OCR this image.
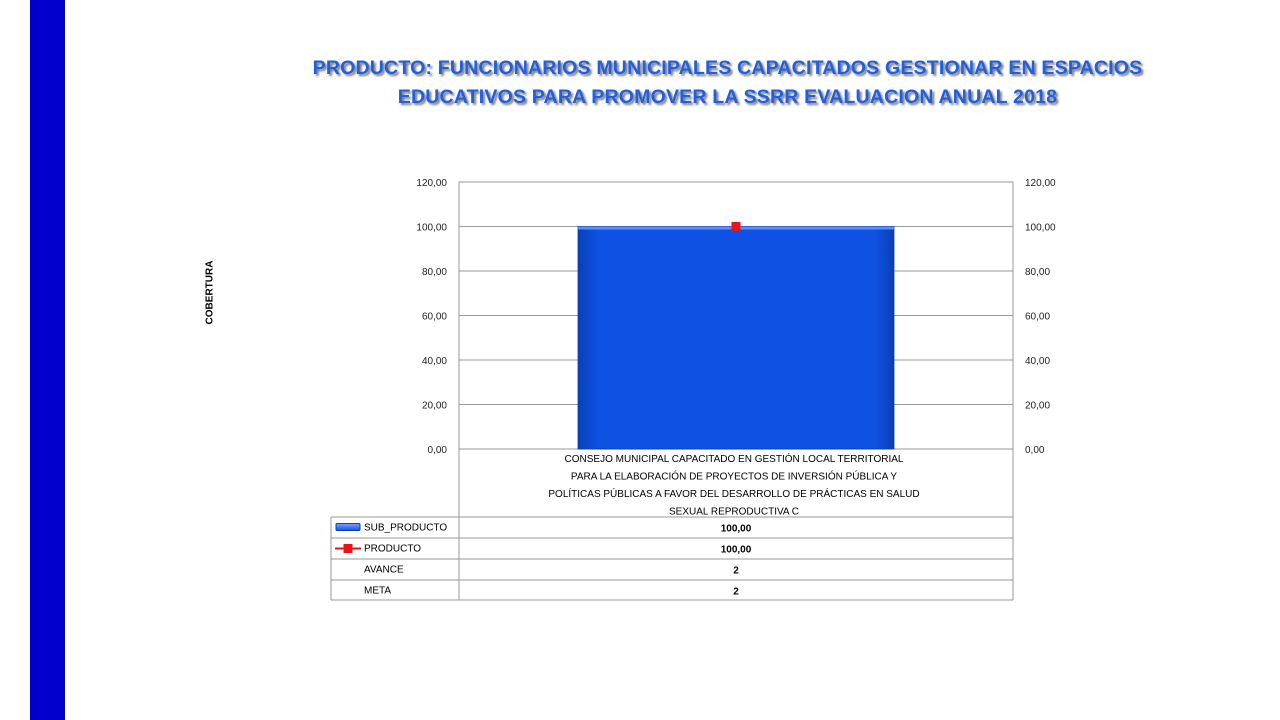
PRODUCTO: FUNCIONARIOS MUNICIPALES CAPACITADOS GESTIONAR EN ESPACIOS EDUCATIVOS PARA PROMOVER LA SSRR EVALUACION ANUAL 2018
COBERTURA
0,00	0,00
20,00	20,00
40,00	40,00
60,00	60,00
80,00	80,00
100,00	100,00
120,00	120,00
CONSEJO MUNICIPAL CAPACITADO EN GESTIÓN LOCAL TERRITORIAL
PARA LA ELABORACIÓN DE PROYECTOS DE INVERSIÓN PÚBLICA Y
POLÍTICAS PÚBLICAS A FAVOR DEL DESARROLLO DE PRÁCTICAS EN SALUD
SEXUAL REPRODUCTIVA C
SUB_PRODUCTO	100,00
PRODUCTO	100,00
AVANCE	2
META	2
